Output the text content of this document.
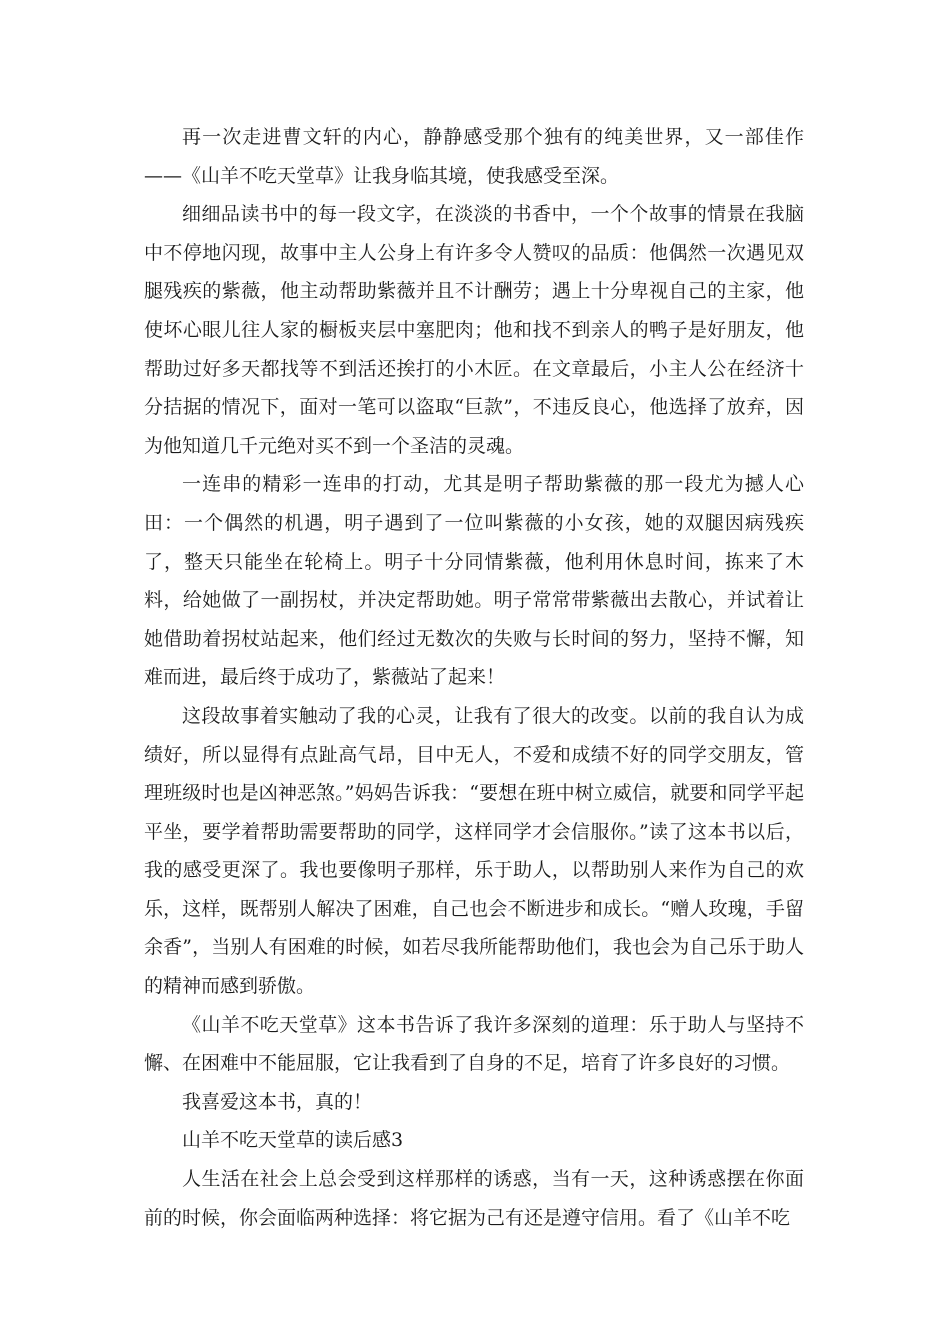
再一次走进曹文轩的内心，静静感受那个独有的纯美世界，又一部佳作——《山羊不吃天堂草》让我身临其境，使我感受至深。

细细品读书中的每一段文字，在淡淡的书香中，一个个故事的情景在我脑中不停地闪现，故事中主人公身上有许多令人赞叹的品质：他偶然一次遇见双腿残疾的紫薇，他主动帮助紫薇并且不计酬劳；遇上十分卑视自己的主家，他使坏心眼儿往人家的橱板夹层中塞肥肉；他和找不到亲人的鸭子是好朋友，他帮助过好多天都找等不到活还挨打的小木匠。在文章最后，小主人公在经济十分拮据的情况下，面对一笔可以盗取“巨款”，不违反良心，他选择了放弃，因为他知道几千元绝对买不到一个圣洁的灵魂。

一连串的精彩一连串的打动，尤其是明子帮助紫薇的那一段尤为撼人心田：一个偶然的机遇，明子遇到了一位叫紫薇的小女孩，她的双腿因病残疾了，整天只能坐在轮椅上。明子十分同情紫薇，他利用休息时间，拣来了木料，给她做了一副拐杖，并决定帮助她。明子常常带紫薇出去散心，并试着让她借助着拐杖站起来，他们经过无数次的失败与长时间的努力，坚持不懈，知难而进，最后终于成功了，紫薇站了起来！

这段故事着实触动了我的心灵，让我有了很大的改变。以前的我自认为成绩好，所以显得有点趾高气昂，目中无人，不爱和成绩不好的同学交朋友，管理班级时也是凶神恶煞。”妈妈告诉我：“要想在班中树立威信，就要和同学平起平坐，要学着帮助需要帮助的同学，这样同学才会信服你。”读了这本书以后，我的感受更深了。我也要像明子那样，乐于助人，以帮助别人来作为自己的欢乐，这样，既帮别人解决了困难，自己也会不断进步和成长。“赠人玫瑰，手留余香”，当别人有困难的时候，如若尽我所能帮助他们，我也会为自己乐于助人的精神而感到骄傲。

《山羊不吃天堂草》这本书告诉了我许多深刻的道理：乐于助人与坚持不懈、在困难中不能屈服，它让我看到了自身的不足，培育了许多良好的习惯。

我喜爱这本书，真的！

山羊不吃天堂草的读后感3

人生活在社会上总会受到这样那样的诱惑，当有一天，这种诱惑摆在你面前的时候，你会面临两种选择：将它据为己有还是遵守信用。看了《山羊不吃
